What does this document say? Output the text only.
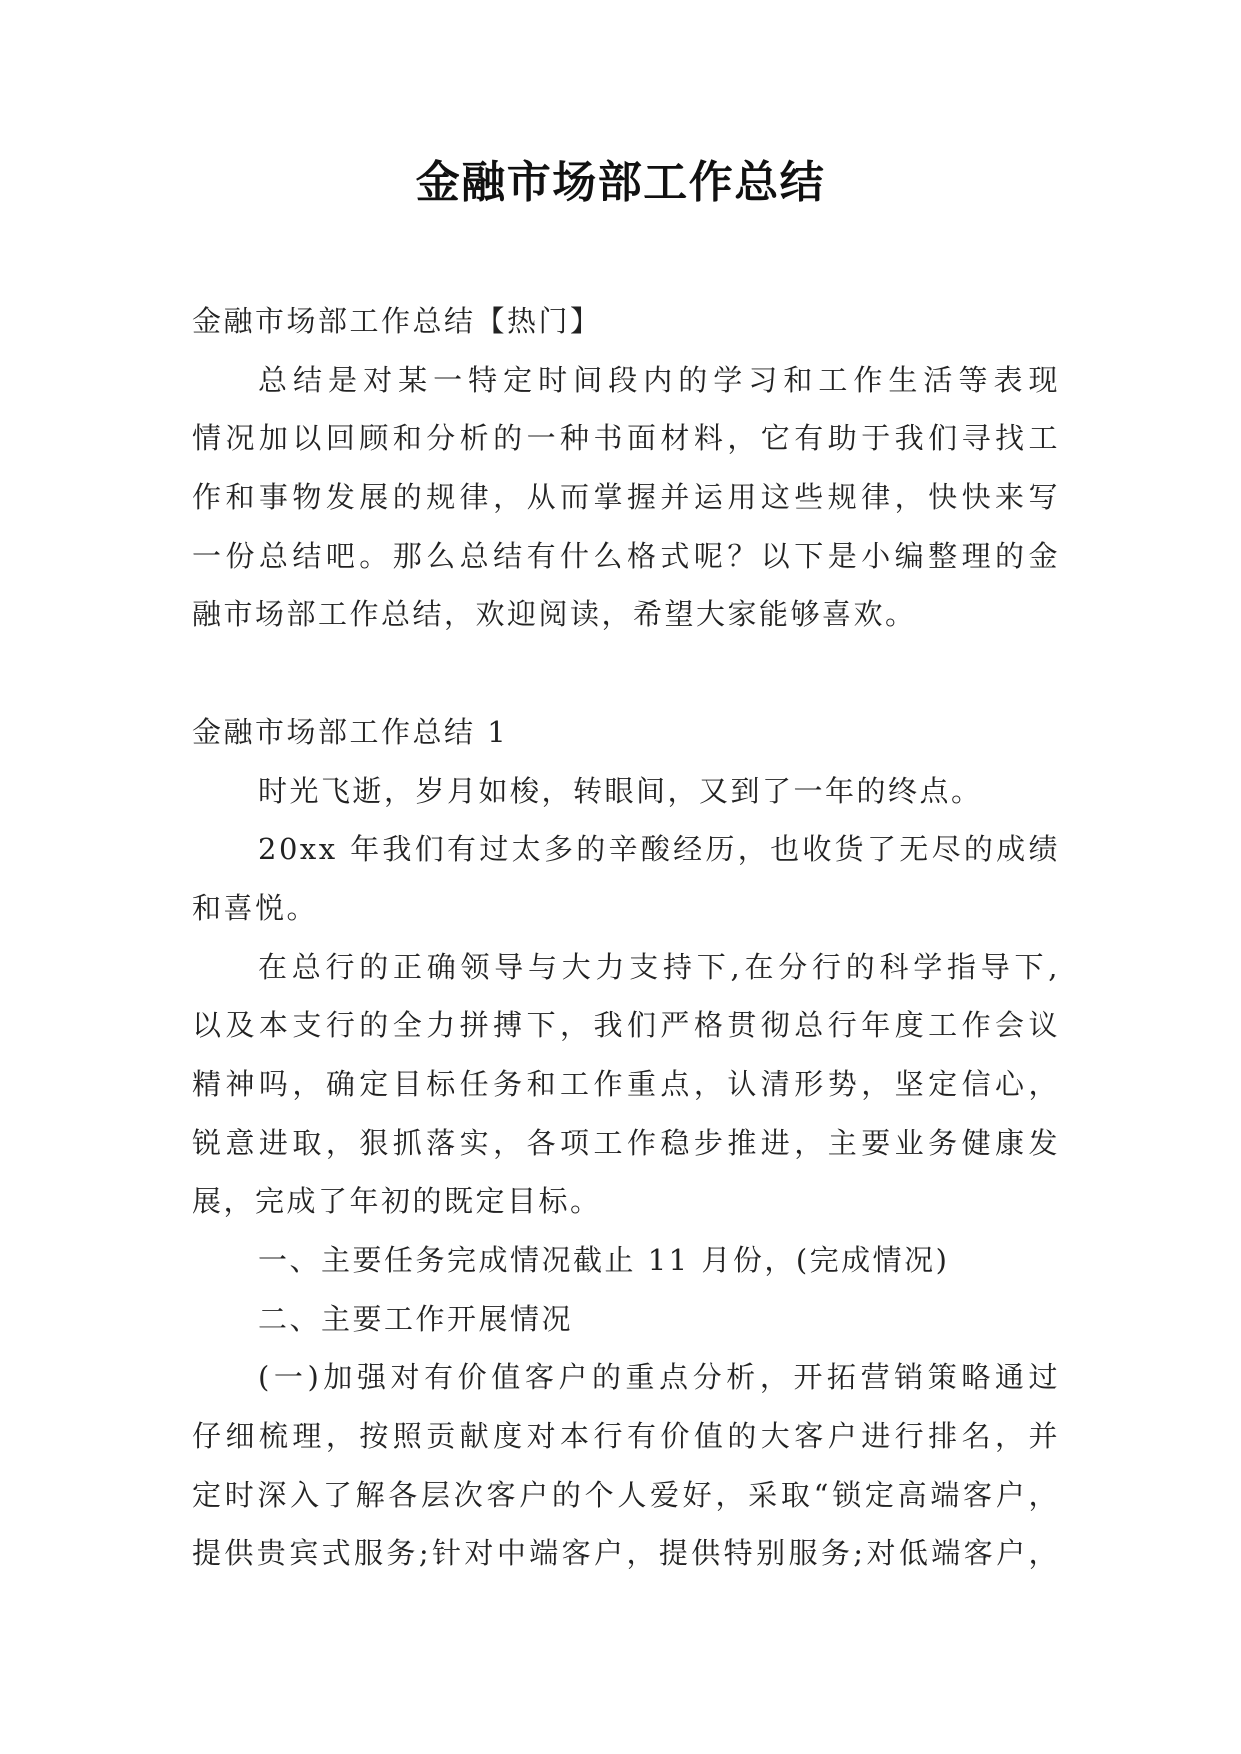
金融市场部工作总结
金融市场部工作总结【热门】
总结是对某一特定时间段内的学习和工作生活等表现
情况加以回顾和分析的一种书面材料，它有助于我们寻找工
作和事物发展的规律，从而掌握并运用这些规律，快快来写
一份总结吧。那么总结有什么格式呢？以下是小编整理的金
融市场部工作总结，欢迎阅读，希望大家能够喜欢。
金融市场部工作总结 1
时光飞逝，岁月如梭，转眼间，又到了一年的终点。
20xx 年我们有过太多的辛酸经历，也收货了无尽的成绩
和喜悦。
在总行的正确领导与大力支持下,在分行的科学指导下,
以及本支行的全力拼搏下，我们严格贯彻总行年度工作会议
精神吗，确定目标任务和工作重点，认清形势，坚定信心，
锐意进取，狠抓落实，各项工作稳步推进，主要业务健康发
展，完成了年初的既定目标。
一、主要任务完成情况截止 11 月份，(完成情况)
二、主要工作开展情况
(一)加强对有价值客户的重点分析，开拓营销策略通过
仔细梳理，按照贡献度对本行有价值的大客户进行排名，并
定时深入了解各层次客户的个人爱好，采取“锁定高端客户，
提供贵宾式服务;针对中端客户，提供特别服务;对低端客户，
